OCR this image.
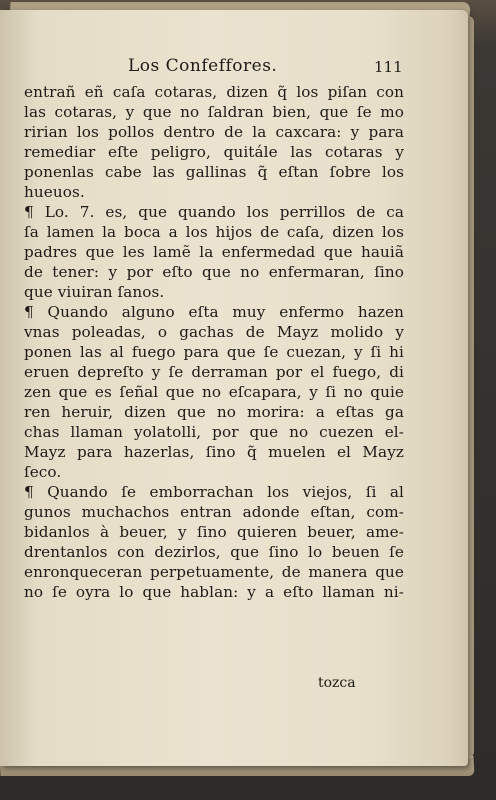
Los Confeffores.	111
entrañ eñ caſa cotaras, dizen q̃ los piſan con
las cotaras, y que no ſaldran bien, que ſe mo
ririan los pollos dentro de la caxcara: y para
remediar eſte peligro, quitále las cotaras y
ponenlas cabe las gallinas q̃ eſtan ſobre los
hueuos.
¶ Lo. 7. es, que quando los perrillos de ca
ſa lamen la boca a los hijos de caſa, dizen los
padres que les lamẽ la enfermedad que hauiã
de tener: y por eſto que no enfermaran, ſino
que viuiran ſanos.
¶ Quando alguno eſta muy enfermo hazen
vnas poleadas, o gachas de Mayz molido y
ponen las al fuego para que ſe cuezan, y ſi hi
eruen depreſto y ſe derraman por el fuego, di
zen que es ſeñal que no eſcapara, y ſi no quie
ren heruir, dizen que no morira: a eſtas ga
chas llaman yolatolli, por que no cuezen el-
Mayz para hazerlas, ſino q̃ muelen el Mayz
ſeco.
¶ Quando ſe emborrachan los viejos, ſi al
gunos muchachos entran adonde eſtan, com-
bidanlos à beuer, y ſino quieren beuer, ame-
drentanlos con dezirlos, que ſino lo beuen ſe
enronqueceran perpetuamente, de manera que
no ſe oyra lo que hablan: y a eſto llaman ni-
tozca
